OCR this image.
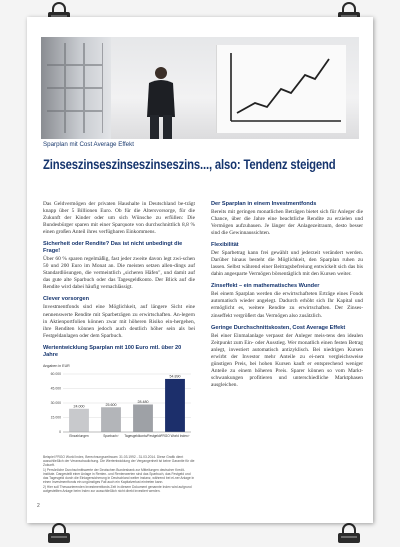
Sparplan mit Cost Average Effekt
Zinseszinseszinseszinseszins..., also: Tendenz steigend

Das Geldvermögen der privaten Haushalte in Deutschland be-trägt knapp über 5 Billionen Euro. Ob für die Altersvorsorge, für die Zukunft der Kinder oder um sich Wünsche zu erfüllen: Die Bundesbürger sparen mit einer Sparquote von durchschnittlich 8,8 % einen großen Anteil ihres verfügbaren Einkommens.

Sicherheit oder Rendite? Das ist nicht unbedingt die Frage!

Über 60 % sparen regelmäßig, fast jeder zweite davon legt zwi-schen 50 und 200 Euro im Monat an. Die meisten setzen allen-dings auf Standardlösungen, die vermeintlich „sicheren Häfen", und damit auf das gute alte Sparbuch oder das Tagesgeldkonto. Der Blick auf die Rendite wird dabei häufig vernachlässigt.

Clever vorsorgen

Investmentfonds sind eine Möglichkeit, auf längere Sicht eine nennenswerte Rendite mit Sparbeträgen zu erwirtschaften. An-legern in Aktienportfolien können zwar mit höheren Risiko ein-hergehen, ihre Renditen können jedoch auch deutlich höher sein als bei Festgeldanlagen oder dem Sparbuch.

Wertentwicklung Sparplan mit 100 Euro mtl. über 20 Jahre
Angaben in EUR
0
15.000
30.000
45.000
60.000
24.000
Einzahlungen
25.600
Sparbuch¹⁾
28.480
Tagesgeldkonto/Festgeld¹⁾
54.890
FRGO World Index²⁾

Beispiel FRGO World Index, Berechnungszeitraum: 31.03.1992 - 31.03.2014. Diese Grafik dient ausschließlich der Veranschaulichung. Die Wertentwicklung der Vergangenheit ist keine Garantie für die Zukunft.

1) Persönliche Durchschnittswerte der Deutschen Bundesbank zur Mitteilungen deutscher Kredit-institute. Dargestellt einer Anlage in Renten- und Rentenwerten sind das Sparbuch, das Festgeld und das Tagesgeld durch die Einlagensicherung in Deutschland weiter instanz, während bei ei-ner Anlage in einen Investmentfonds ein ungünstiges Fall auch ein Kapitalverlust eintreten kann.

2) Hier soll Thesaurierenden Investmentfonds Zeit in diesem Dokument genannte Index wird aufgrund aufgestellten Anlage beim Index zur ausschließlich nicht direkt investiert werden.

Der Sparplan in einem Investmentfonds

Bereits mit geringen monatlichen Beträgen bietet sich für Anleger die Chance, über die Jahre eine beachtliche Rendite zu erzielen und Vermögen aufzubauen. Je länger der Anlagezeitraum, desto besser sind die Gewinnaussichten.

Flexibilität

Der Sparbetrag kann frei gewählt und jederzeit verändert werden. Darüber hinaus besteht die Möglichkeit, den Sparplan ruhen zu lassen. Selbst während einer Beitragsbefreiung entwickelt sich das bis dahin angesparte Vermögen börsentäglich mit den Kursen weiter.

Zinseffekt – ein mathematisches Wunder

Bei einem Sparplan werden die erwirtschafteten Erträge eines Fonds automatisch wieder angelegt. Dadurch erhöht sich Ihr Kapital und ermöglicht es, weitere Rendite zu erwirtschaften. Der Zinses-zinseffekt vergrößert das Vermögen also zusätzlich.

Geringe Durchschnittskosten, Cost Average Effekt

Bei einer Einmalanlage verpasst der Anleger meis-tens den idealen Zeitpunkt zum Ein- oder Ausstieg. Wer monatlich einen festen Betrag anlegt, investiert automatisch antizyklisch. Bei niedrigen Kursen erwirbt der Investor mehr Anteile zu ei-nem vergleichsweise günstigen Preis, bei hohen Kursen kauft er entsprechend weniger Anteile zu einem höheren Preis. Sparer können so vom Markt-schwankungen profitieren und unterschiedliche Marktphasen ausgleichen.

2
